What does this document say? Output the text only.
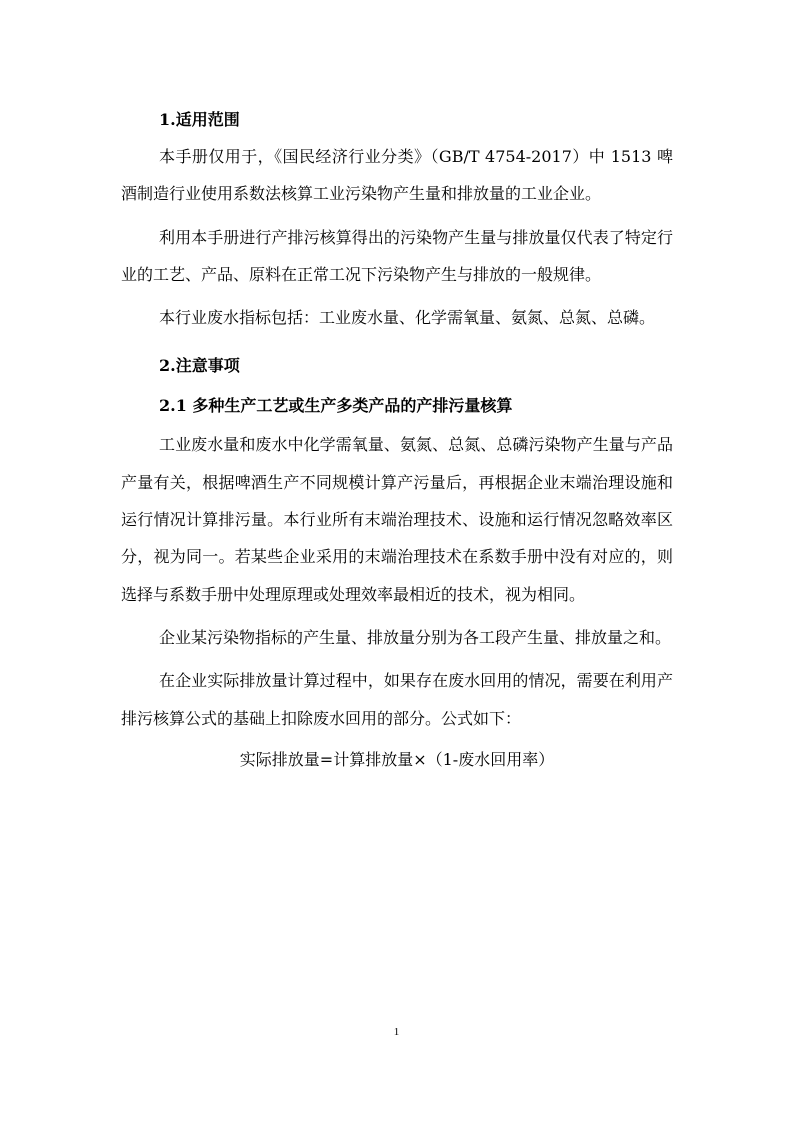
1.适用范围

本手册仅用于，《国民经济行业分类》（GB/T 4754-2017）中 1513 啤酒制造行业使用系数法核算工业污染物产生量和排放量的工业企业。

利用本手册进行产排污核算得出的污染物产生量与排放量仅代表了特定行业的工艺、产品、原料在正常工况下污染物产生与排放的一般规律。

本行业废水指标包括：工业废水量、化学需氧量、氨氮、总氮、总磷。

2.注意事项

2.1 多种生产工艺或生产多类产品的产排污量核算

工业废水量和废水中化学需氧量、氨氮、总氮、总磷污染物产生量与产品产量有关，根据啤酒生产不同规模计算产污量后，再根据企业末端治理设施和运行情况计算排污量。本行业所有末端治理技术、设施和运行情况忽略效率区分，视为同一。若某些企业采用的末端治理技术在系数手册中没有对应的，则选择与系数手册中处理原理或处理效率最相近的技术，视为相同。

企业某污染物指标的产生量、排放量分别为各工段产生量、排放量之和。

在企业实际排放量计算过程中，如果存在废水回用的情况，需要在利用产排污核算公式的基础上扣除废水回用的部分。公式如下：

实际排放量=计算排放量×（1-废水回用率）

1
